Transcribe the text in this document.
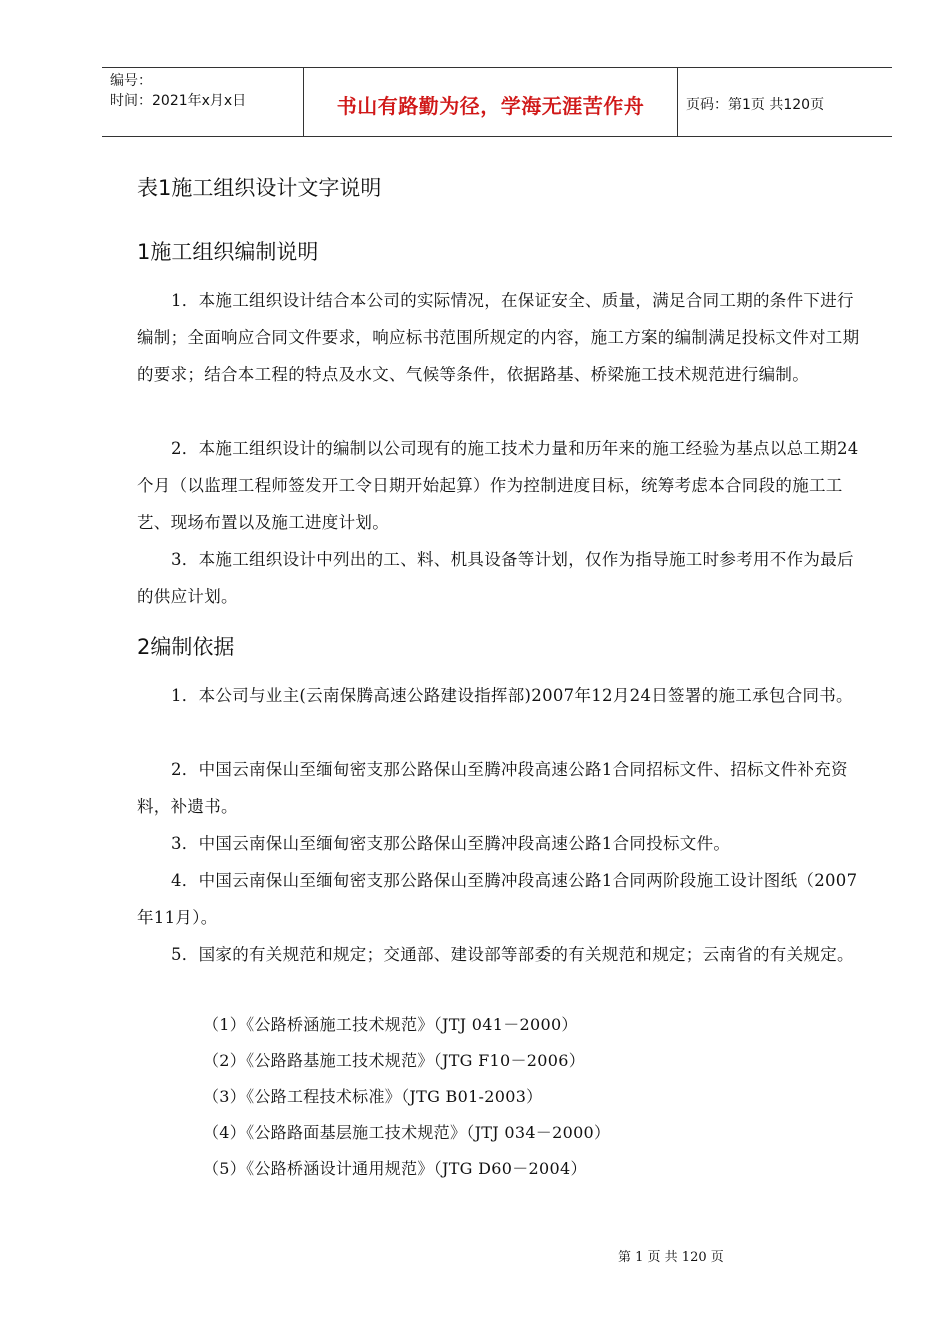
编号：
时间：2021年x月x日	书山有路勤为径，学海无涯苦作舟	页码：第1页 共120页
表1施工组织设计文字说明
1施工组织编制说明

1．本施工组织设计结合本公司的实际情况，在保证安全、质量，满足合同工期的条件下进行编制；全面响应合同文件要求，响应标书范围所规定的内容，施工方案的编制满足投标文件对工期的要求；结合本工程的特点及水文、气候等条件，依据路基、桥梁施工技术规范进行编制。

2．本施工组织设计的编制以公司现有的施工技术力量和历年来的施工经验为基点以总工期24个月（以监理工程师签发开工令日期开始起算）作为控制进度目标，统筹考虑本合同段的施工工艺、现场布置以及施工进度计划。

3．本施工组织设计中列出的工、料、机具设备等计划，仅作为指导施工时参考用不作为最后的供应计划。

2编制依据

1．本公司与业主(云南保腾高速公路建设指挥部)2007年12月24日签署的施工承包合同书。

2．中国云南保山至缅甸密支那公路保山至腾冲段高速公路1合同招标文件、招标文件补充资料，补遗书。

3．中国云南保山至缅甸密支那公路保山至腾冲段高速公路1合同投标文件。

4．中国云南保山至缅甸密支那公路保山至腾冲段高速公路1合同两阶段施工设计图纸（2007年11月）。

5．国家的有关规范和规定；交通部、建设部等部委的有关规范和规定；云南省的有关规定。

（1）《公路桥涵施工技术规范》（JTJ 041－2000）

（2）《公路路基施工技术规范》（JTG F10－2006）

（3）《公路工程技术标准》（JTG B01-2003）

（4）《公路路面基层施工技术规范》（JTJ 034－2000）

（5）《公路桥涵设计通用规范》（JTG D60－2004）

第 1 页 共 120 页
